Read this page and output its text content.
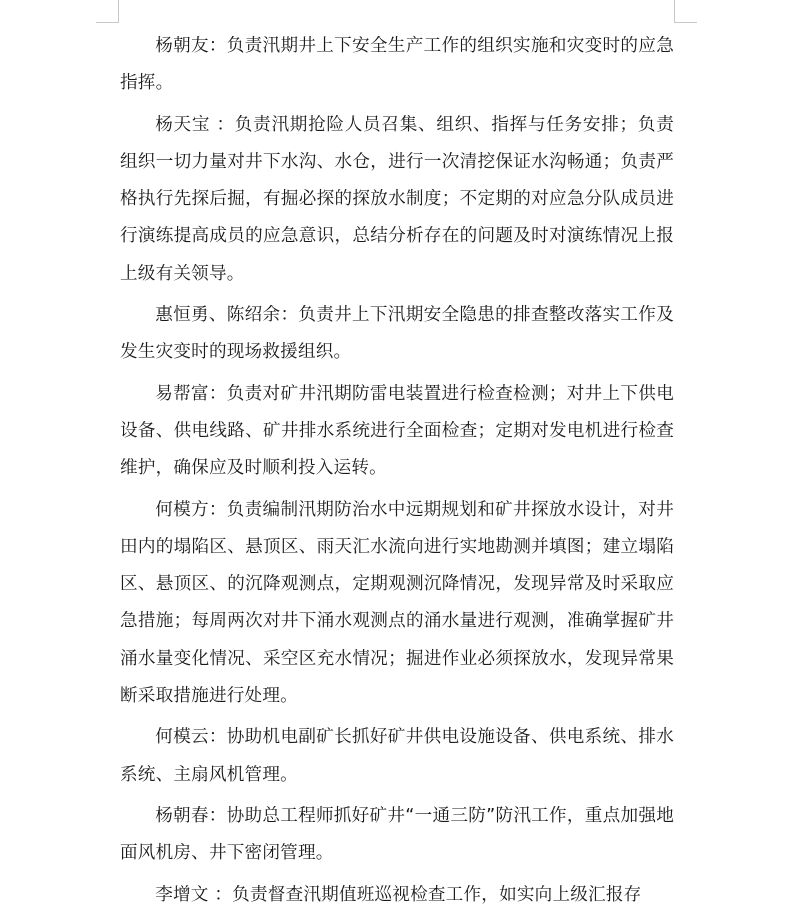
杨朝友：负责汛期井上下安全生产工作的组织实施和灾变时的应急指挥。

杨天宝 ：负责汛期抢险人员召集、组织、指挥与任务安排；负责组织一切力量对井下水沟、水仓，进行一次清挖保证水沟畅通；负责严格执行先探后掘，有掘必探的探放水制度；不定期的对应急分队成员进行演练提高成员的应急意识，总结分析存在的问题及时对演练情况上报上级有关领导。

惠恒勇、陈绍余：负责井上下汛期安全隐患的排查整改落实工作及发生灾变时的现场救援组织。

易帮富：负责对矿井汛期防雷电装置进行检查检测；对井上下供电设备、供电线路、矿井排水系统进行全面检查；定期对发电机进行检查维护，确保应及时顺利投入运转。

何模方：负责编制汛期防治水中远期规划和矿井探放水设计，对井田内的塌陷区、悬顶区、雨天汇水流向进行实地勘测并填图；建立塌陷区、悬顶区、的沉降观测点，定期观测沉降情况，发现异常及时采取应急措施；每周两次对井下涌水观测点的涌水量进行观测，准确掌握矿井涌水量变化情况、采空区充水情况；掘进作业必须探放水，发现异常果断采取措施进行处理。

何模云：协助机电副矿长抓好矿井供电设施设备、供电系统、排水系统、主扇风机管理。

杨朝春：协助总工程师抓好矿井“一通三防”防汛工作，重点加强地面风机房、井下密闭管理。

李增文 ：负责督查汛期值班巡视检查工作，如实向上级汇报存
